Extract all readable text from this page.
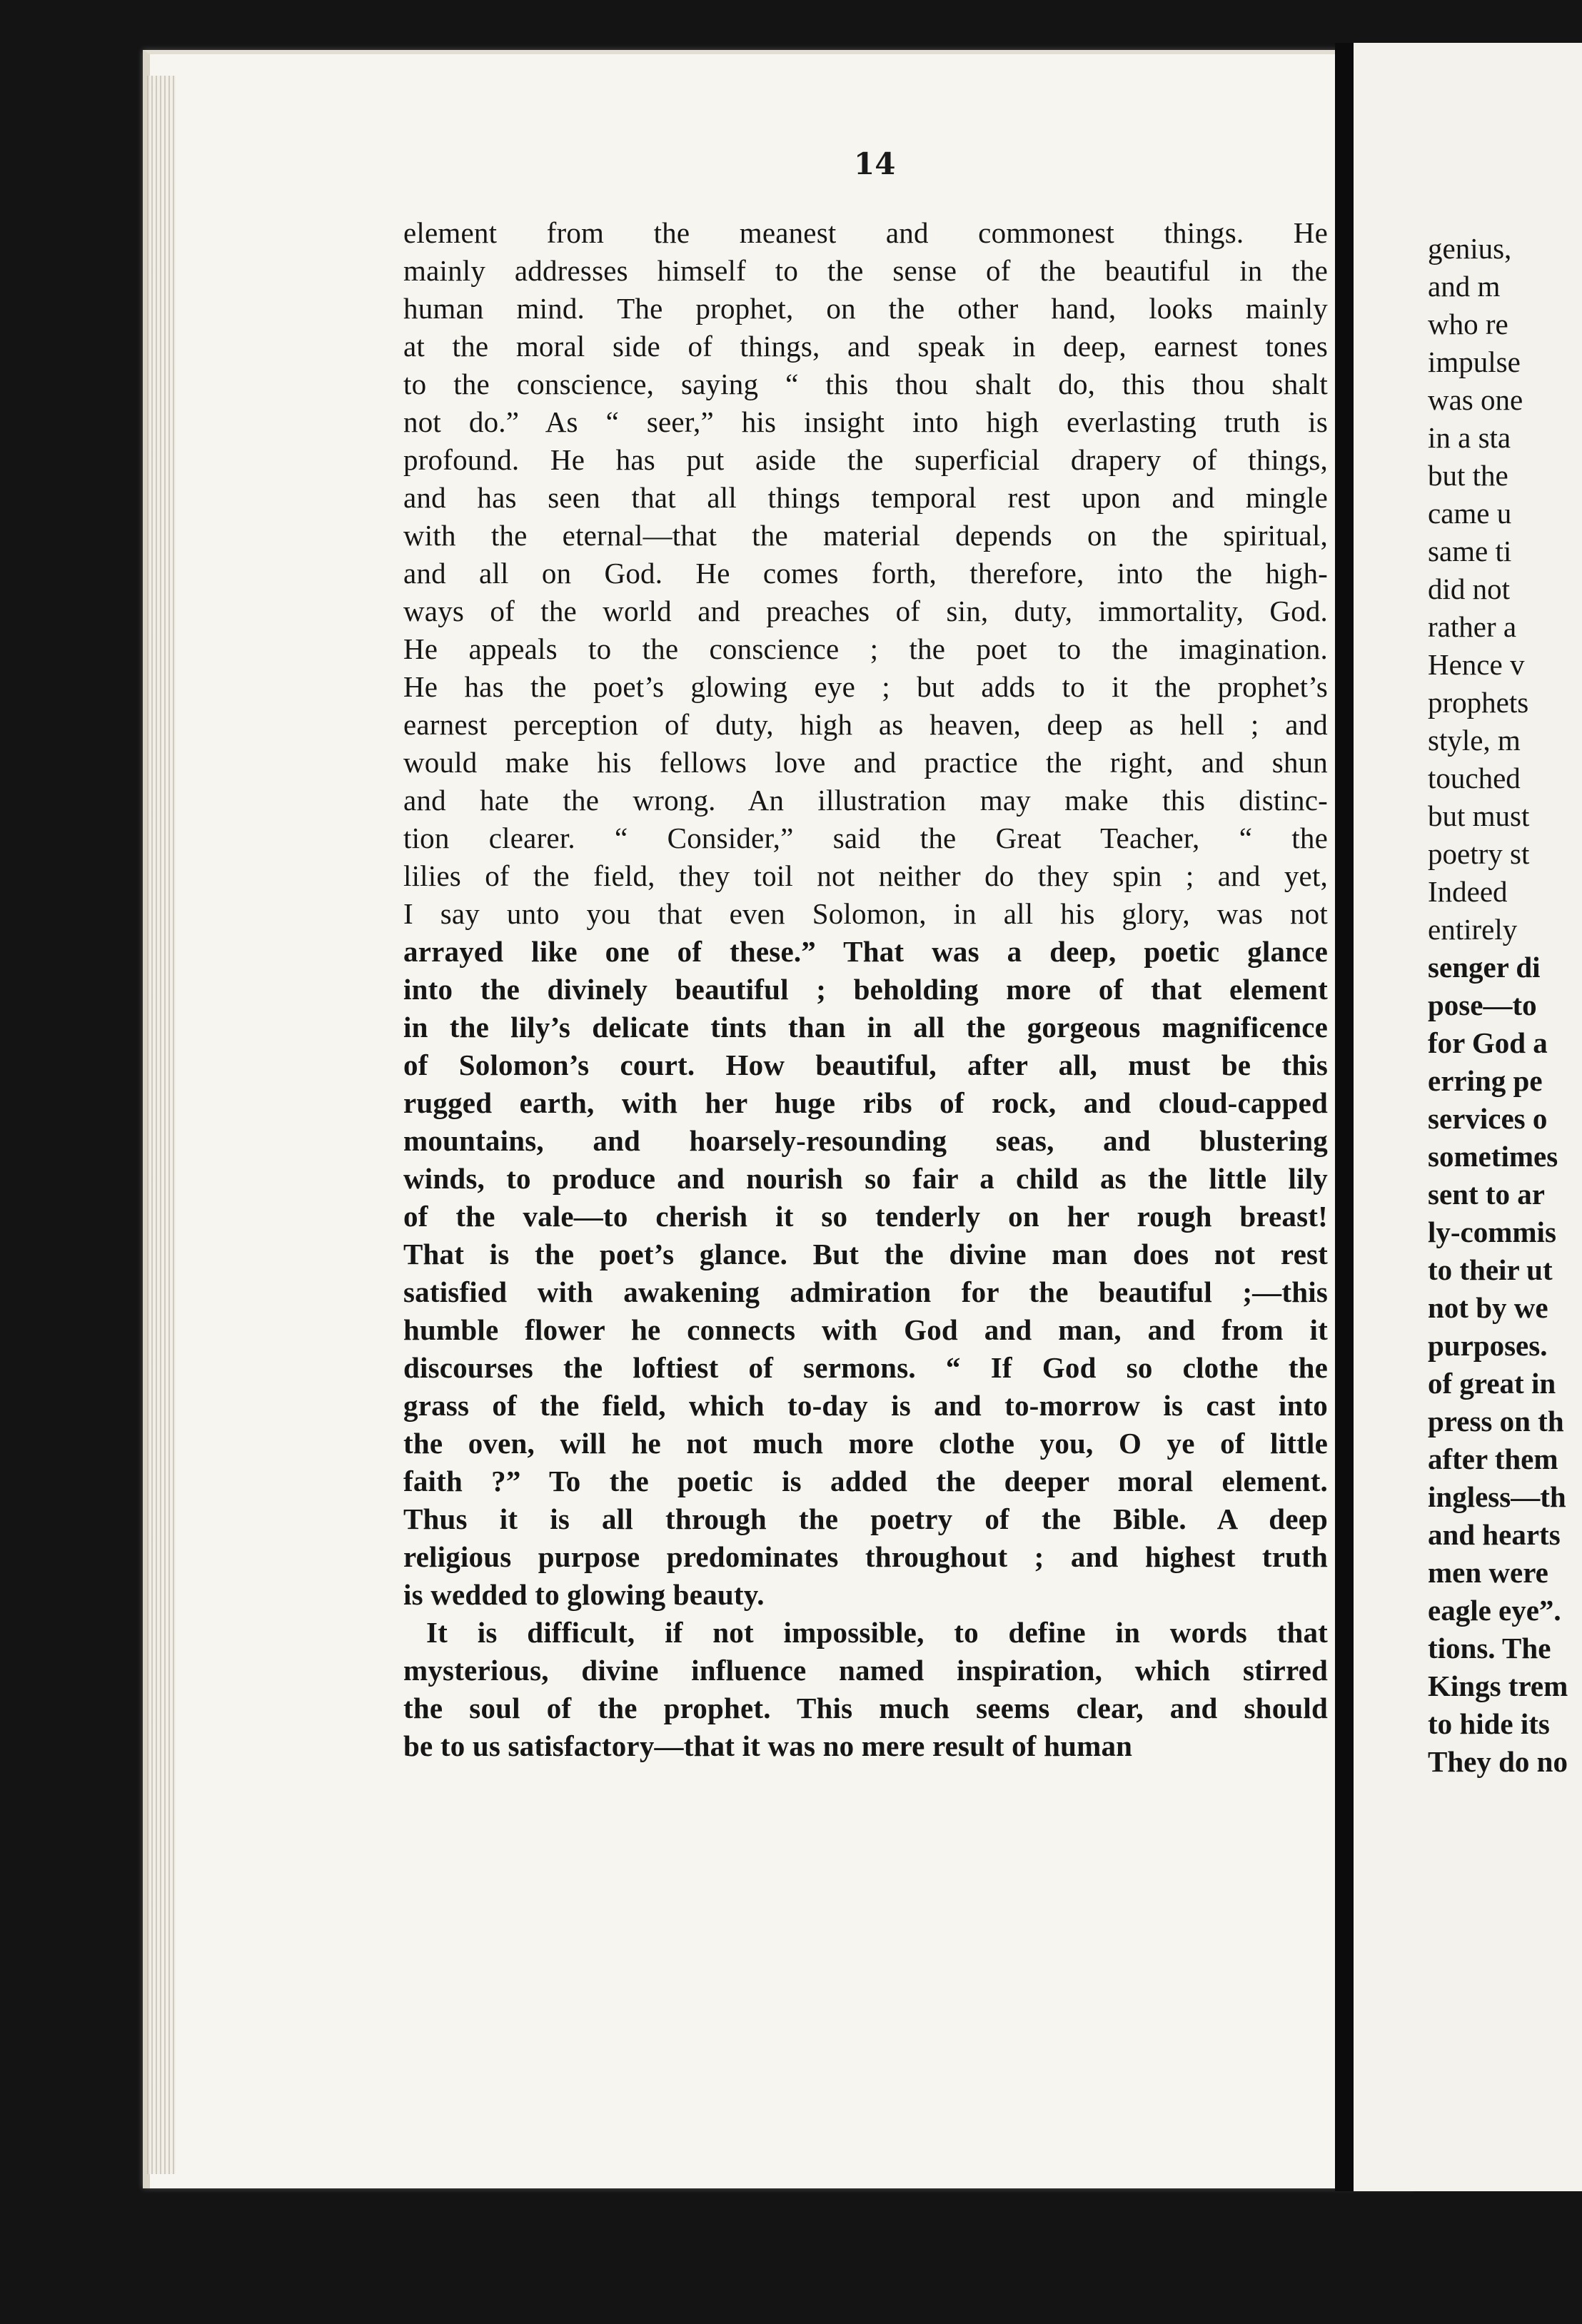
14
element from the meanest and commonest things. He
mainly addresses himself to the sense of the beautiful in the
human mind. The prophet, on the other hand, looks mainly
at the moral side of things, and speak in deep, earnest tones
to the conscience, saying “ this thou shalt do, this thou shalt
not do.” As “ seer,” his insight into high everlasting truth is
profound. He has put aside the superficial drapery of things,
and has seen that all things temporal rest upon and mingle
with the eternal—that the material depends on the spiritual,
and all on God. He comes forth, therefore, into the high-
ways of the world and preaches of sin, duty, immortality, God.
He appeals to the conscience ; the poet to the imagination.
He has the poet’s glowing eye ; but adds to it the prophet’s
earnest perception of duty, high as heaven, deep as hell ; and
would make his fellows love and practice the right, and shun
and hate the wrong. An illustration may make this distinc-
tion clearer. “ Consider,” said the Great Teacher, “ the
lilies of the field, they toil not neither do they spin ; and yet,
I say unto you that even Solomon, in all his glory, was not
arrayed like one of these.” That was a deep, poetic glance
into the divinely beautiful ; beholding more of that element
in the lily’s delicate tints than in all the gorgeous magnificence
of Solomon’s court. How beautiful, after all, must be this
rugged earth, with her huge ribs of rock, and cloud-capped
mountains, and hoarsely-resounding seas, and blustering
winds, to produce and nourish so fair a child as the little lily
of the vale—to cherish it so tenderly on her rough breast!
That is the poet’s glance. But the divine man does not rest
satisfied with awakening admiration for the beautiful ;—this
humble flower he connects with God and man, and from it
discourses the loftiest of sermons. “ If God so clothe the
grass of the field, which to-day is and to-morrow is cast into
the oven, will he not much more clothe you, O ye of little
faith ?” To the poetic is added the deeper moral element.
Thus it is all through the poetry of the Bible. A deep
religious purpose predominates throughout ; and highest truth
is wedded to glowing beauty.
It is difficult, if not impossible, to define in words that
mysterious, divine influence named inspiration, which stirred
the soul of the prophet. This much seems clear, and should
be to us satisfactory—that it was no mere result of human
genius,
and m
who re
impulse
was one
in a sta
but the
came u
same ti
did not
rather a
Hence v
prophets
style, m
touched
but must
poetry st
Indeed
entirely
senger di
pose—to
for God a
erring pe
services o
sometimes
sent to ar
ly-commis
to their ut
not by we
purposes.
of great in
press on th
after them
ingless—th
and hearts
men were
eagle eye”.
tions. The
Kings trem
to hide its
They do no
